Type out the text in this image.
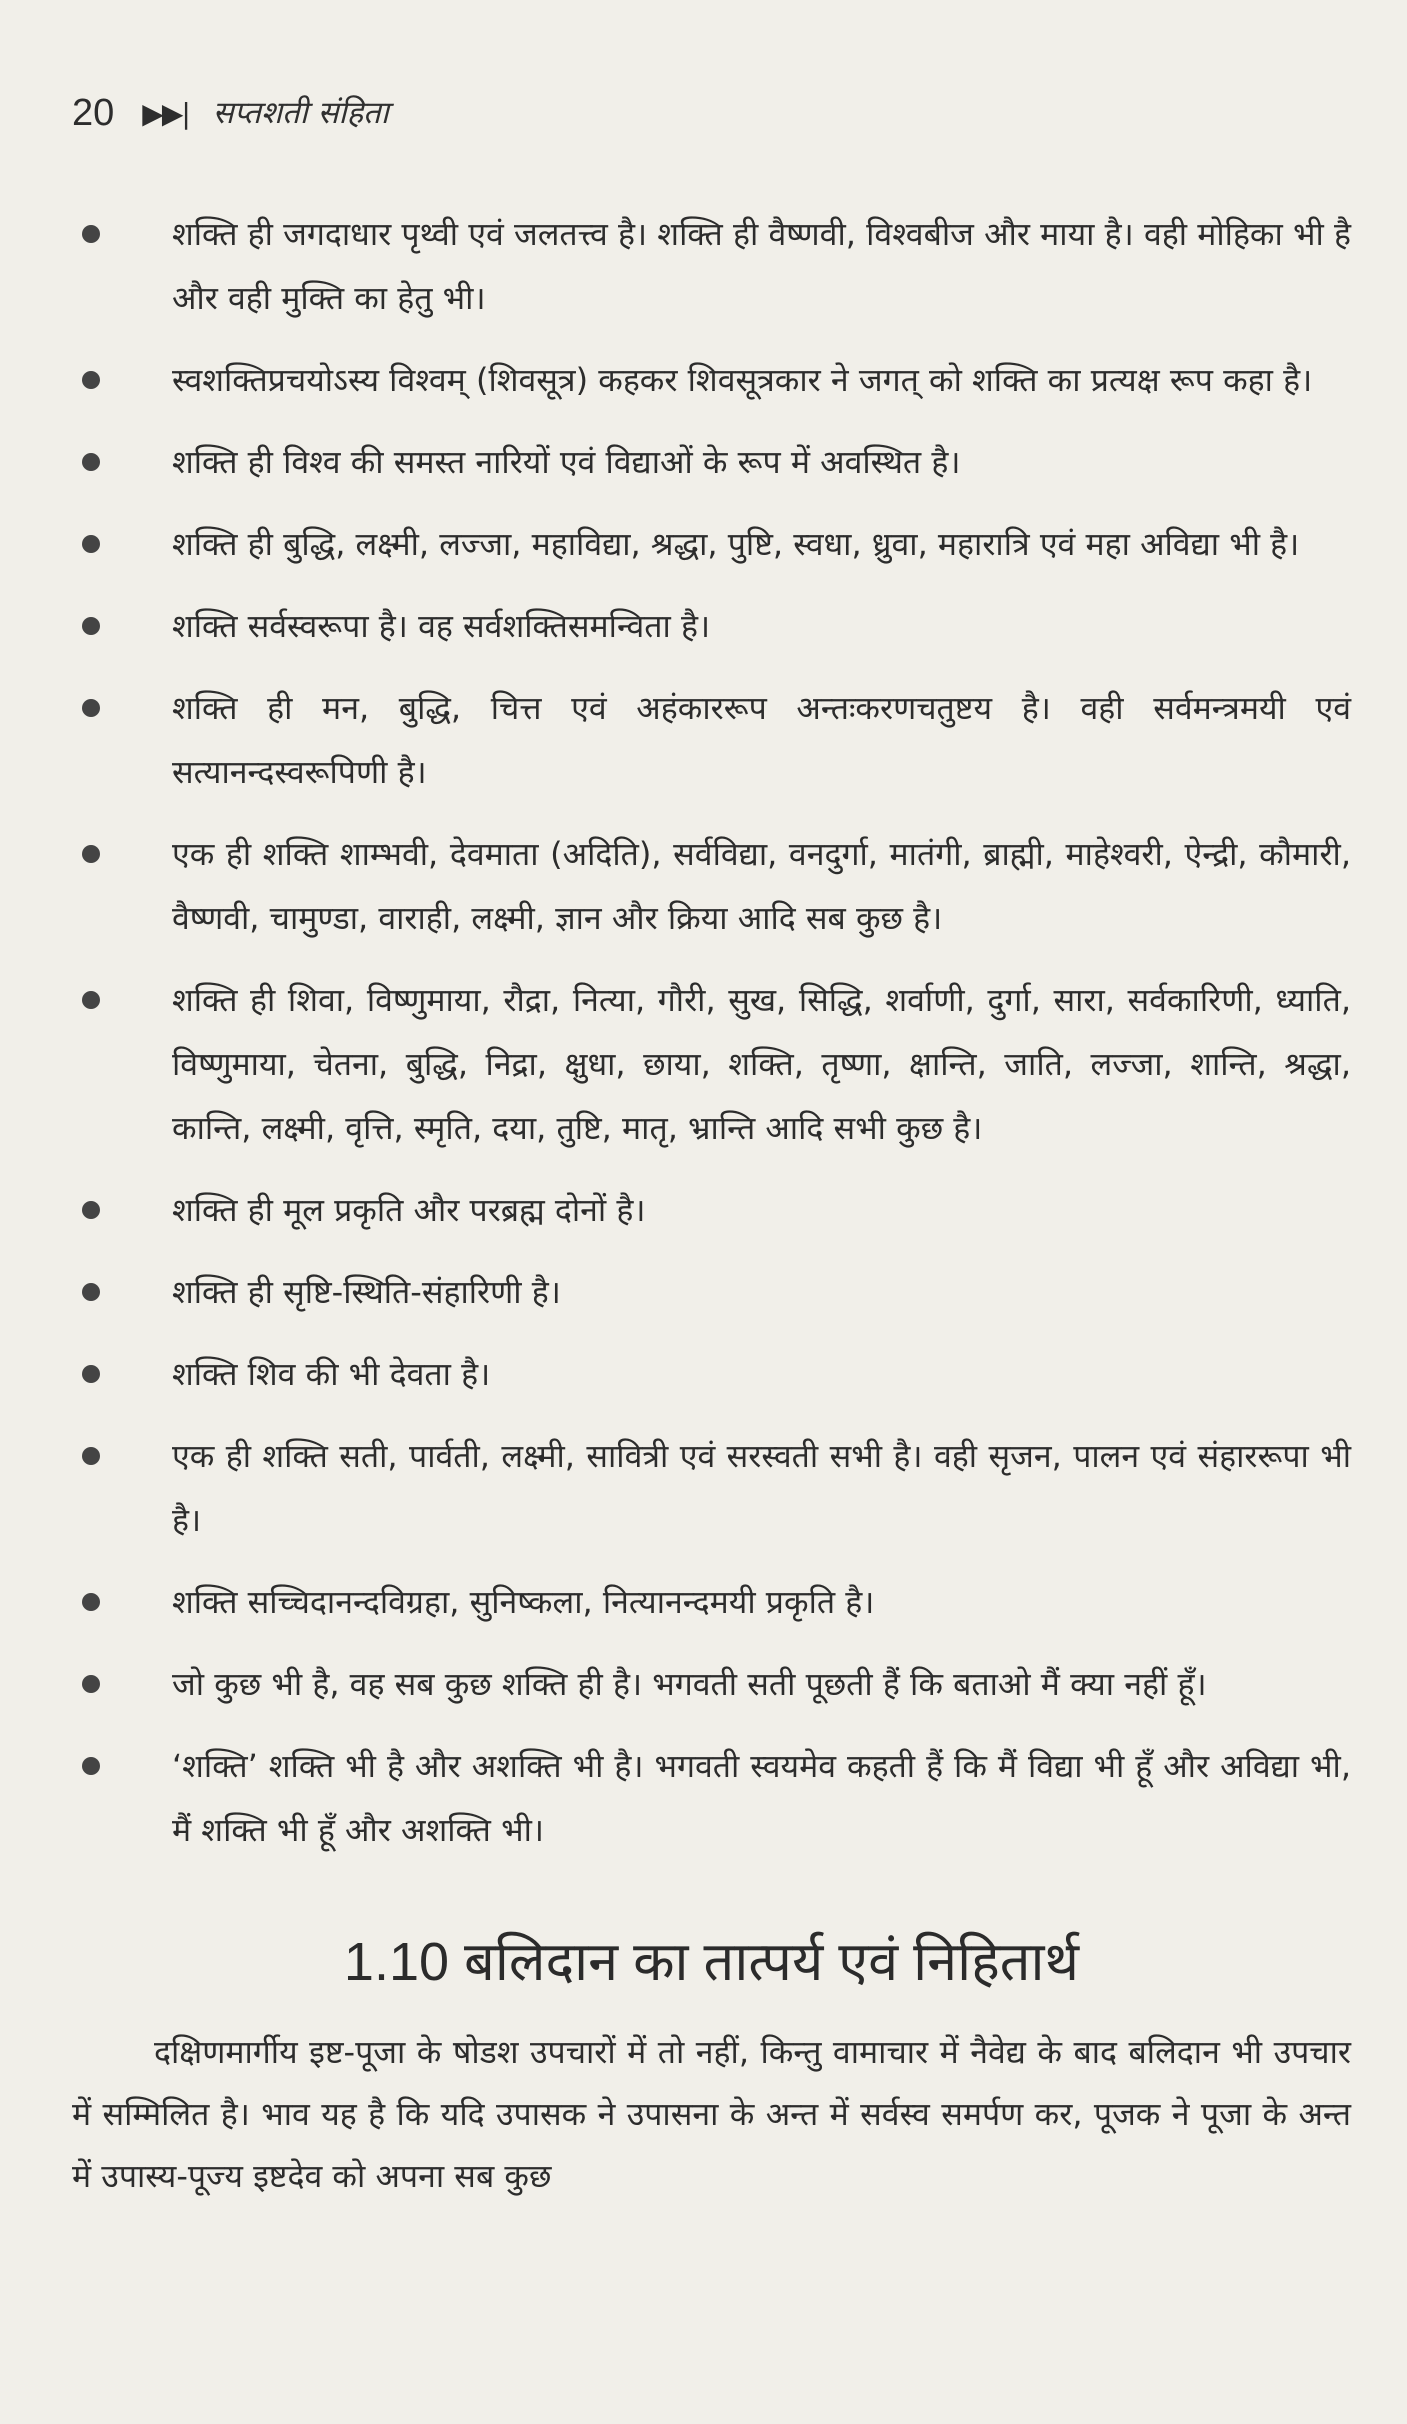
20 ▶▶| सप्तशती संहिता
शक्ति ही जगदाधार पृथ्वी एवं जलतत्त्व है। शक्ति ही वैष्णवी, विश्वबीज और माया है। वही मोहिका भी है और वही मुक्ति का हेतु भी।
स्वशक्तिप्रचयोऽस्य विश्वम् (शिवसूत्र) कहकर शिवसूत्रकार ने जगत् को शक्ति का प्रत्यक्ष रूप कहा है।
शक्ति ही विश्व की समस्त नारियों एवं विद्याओं के रूप में अवस्थित है।
शक्ति ही बुद्धि, लक्ष्मी, लज्जा, महाविद्या, श्रद्धा, पुष्टि, स्वधा, ध्रुवा, महारात्रि एवं महा अविद्या भी है।
शक्ति सर्वस्वरूपा है। वह सर्वशक्तिसमन्विता है।
शक्ति ही मन, बुद्धि, चित्त एवं अहंकाररूप अन्तःकरणचतुष्टय है। वही सर्वमन्त्रमयी एवं सत्यानन्दस्वरूपिणी है।
एक ही शक्ति शाम्भवी, देवमाता (अदिति), सर्वविद्या, वनदुर्गा, मातंगी, ब्राह्मी, माहेश्वरी, ऐन्द्री, कौमारी, वैष्णवी, चामुण्डा, वाराही, लक्ष्मी, ज्ञान और क्रिया आदि सब कुछ है।
शक्ति ही शिवा, विष्णुमाया, रौद्रा, नित्या, गौरी, सुख, सिद्धि, शर्वाणी, दुर्गा, सारा, सर्वकारिणी, ध्याति, विष्णुमाया, चेतना, बुद्धि, निद्रा, क्षुधा, छाया, शक्ति, तृष्णा, क्षान्ति, जाति, लज्जा, शान्ति, श्रद्धा, कान्ति, लक्ष्मी, वृत्ति, स्मृति, दया, तुष्टि, मातृ, भ्रान्ति आदि सभी कुछ है।
शक्ति ही मूल प्रकृति और परब्रह्म दोनों है।
शक्ति ही सृष्टि-स्थिति-संहारिणी है।
शक्ति शिव की भी देवता है।
एक ही शक्ति सती, पार्वती, लक्ष्मी, सावित्री एवं सरस्वती सभी है। वही सृजन, पालन एवं संहाररूपा भी है।
शक्ति सच्चिदानन्दविग्रहा, सुनिष्कला, नित्यानन्दमयी प्रकृति है।
जो कुछ भी है, वह सब कुछ शक्ति ही है। भगवती सती पूछती हैं कि बताओ मैं क्या नहीं हूँ।
‘शक्ति’ शक्ति भी है और अशक्ति भी है। भगवती स्वयमेव कहती हैं कि मैं विद्या भी हूँ और अविद्या भी, मैं शक्ति भी हूँ और अशक्ति भी।
1.10 बलिदान का तात्पर्य एवं निहितार्थ

दक्षिणमार्गीय इष्ट-पूजा के षोडश उपचारों में तो नहीं, किन्तु वामाचार में नैवेद्य के बाद बलिदान भी उपचार में सम्मिलित है। भाव यह है कि यदि उपासक ने उपासना के अन्त में सर्वस्व समर्पण कर, पूजक ने पूजा के अन्त में उपास्य-पूज्य इष्टदेव को अपना सब कुछ
